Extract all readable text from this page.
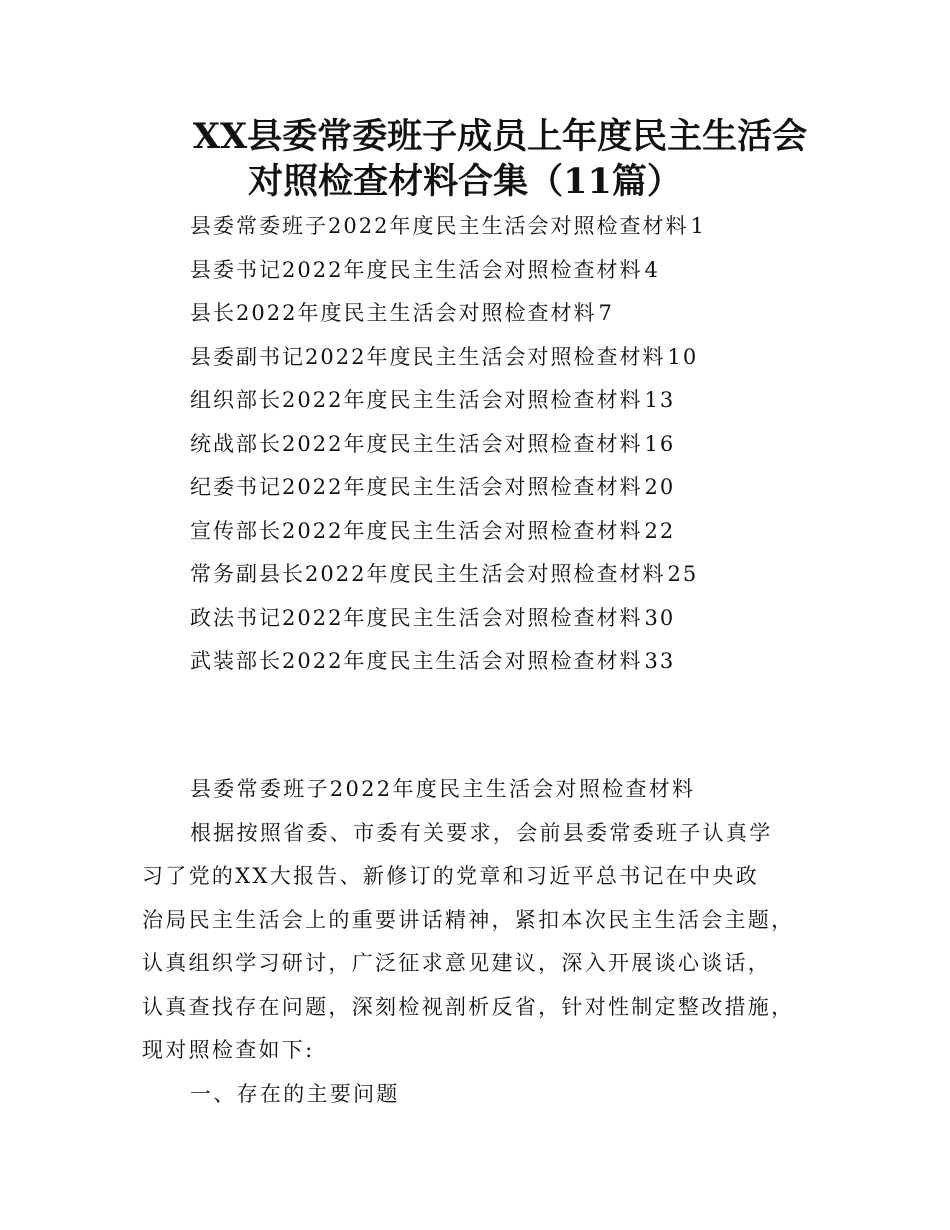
XX县委常委班子成员上年度民主生活会
对照检查材料合集（11篇）
县委常委班子2022年度民主生活会对照检查材料1
县委书记2022年度民主生活会对照检查材料4
县长2022年度民主生活会对照检查材料7
县委副书记2022年度民主生活会对照检查材料10
组织部长2022年度民主生活会对照检查材料13
统战部长2022年度民主生活会对照检查材料16
纪委书记2022年度民主生活会对照检查材料20
宣传部长2022年度民主生活会对照检查材料22
常务副县长2022年度民主生活会对照检查材料25
政法书记2022年度民主生活会对照检查材料30
武装部长2022年度民主生活会对照检查材料33
县委常委班子2022年度民主生活会对照检查材料
根据按照省委、市委有关要求，会前县委常委班子认真学
习了党的XX大报告、新修订的党章和习近平总书记在中央政
治局民主生活会上的重要讲话精神，紧扣本次民主生活会主题，
认真组织学习研讨，广泛征求意见建议，深入开展谈心谈话，
认真查找存在问题，深刻检视剖析反省，针对性制定整改措施，
现对照检查如下:
一、存在的主要问题
